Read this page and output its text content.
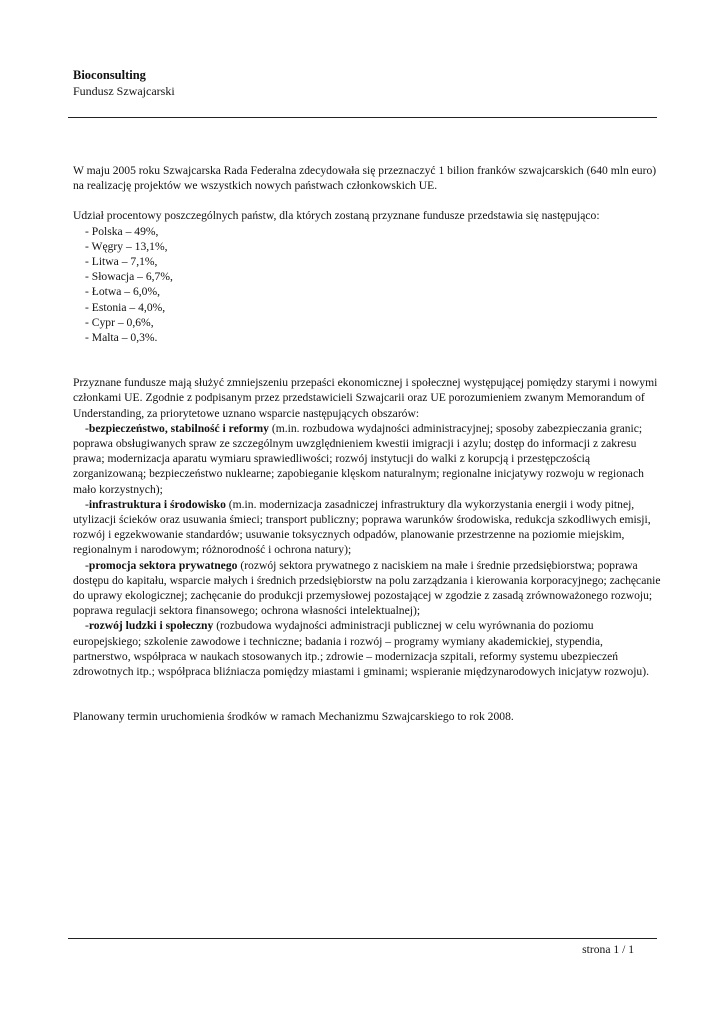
Bioconsulting
Fundusz Szwajcarski

W maju 2005 roku Szwajcarska Rada Federalna zdecydowała się przeznaczyć 1 bilion franków szwajcarskich (640 mln euro) na realizację projektów we wszystkich nowych państwach członkowskich UE.

Udział procentowy poszczególnych państw, dla których zostaną przyznane fundusze przedstawia się następująco:

- Polska – 49%,
- Węgry – 13,1%,
- Litwa – 7,1%,
- Słowacja – 6,7%,
- Łotwa – 6,0%,
- Estonia – 4,0%,
- Cypr – 0,6%,
- Malta – 0,3%.

Przyznane fundusze mają służyć zmniejszeniu przepaści ekonomicznej i społecznej występującej pomiędzy starymi i nowymi członkami UE. Zgodnie z podpisanym przez przedstawicieli Szwajcarii oraz UE porozumieniem zwanym Memorandum of Understanding, za priorytetowe uznano wsparcie następujących obszarów:

-bezpieczeństwo, stabilność i reformy (m.in. rozbudowa wydajności administracyjnej; sposoby zabezpieczania granic; poprawa obsługiwanych spraw ze szczególnym uwzględnieniem kwestii imigracji i azylu; dostęp do informacji z zakresu prawa; modernizacja aparatu wymiaru sprawiedliwości; rozwój instytucji do walki z korupcją i przestępczością zorganizowaną; bezpieczeństwo nuklearne; zapobieganie klęskom naturalnym; regionalne inicjatywy rozwoju w regionach mało korzystnych);

-infrastruktura i środowisko (m.in. modernizacja zasadniczej infrastruktury dla wykorzystania energii i wody pitnej, utylizacji ścieków oraz usuwania śmieci; transport publiczny; poprawa warunków środowiska, redukcja szkodliwych emisji, rozwój i egzekwowanie standardów; usuwanie toksycznych odpadów, planowanie przestrzenne na poziomie miejskim, regionalnym i narodowym; różnorodność i ochrona natury);

-promocja sektora prywatnego (rozwój sektora prywatnego z naciskiem na małe i średnie przedsiębiorstwa; poprawa dostępu do kapitału, wsparcie małych i średnich przedsiębiorstw na polu zarządzania i kierowania korporacyjnego; zachęcanie do uprawy ekologicznej; zachęcanie do produkcji przemysłowej pozostającej w zgodzie z zasadą zrównoważonego rozwoju; poprawa regulacji sektora finansowego; ochrona własności intelektualnej);

-rozwój ludzki i społeczny (rozbudowa wydajności administracji publicznej w celu wyrównania do poziomu europejskiego; szkolenie zawodowe i techniczne; badania i rozwój – programy wymiany akademickiej, stypendia, partnerstwo, współpraca w naukach stosowanych itp.; zdrowie – modernizacja szpitali, reformy systemu ubezpieczeń zdrowotnych itp.; współpraca bliźniacza pomiędzy miastami i gminami; wspieranie międzynarodowych inicjatyw rozwoju).

Planowany termin uruchomienia środków w ramach Mechanizmu Szwajcarskiego to rok 2008.

strona 1 / 1
